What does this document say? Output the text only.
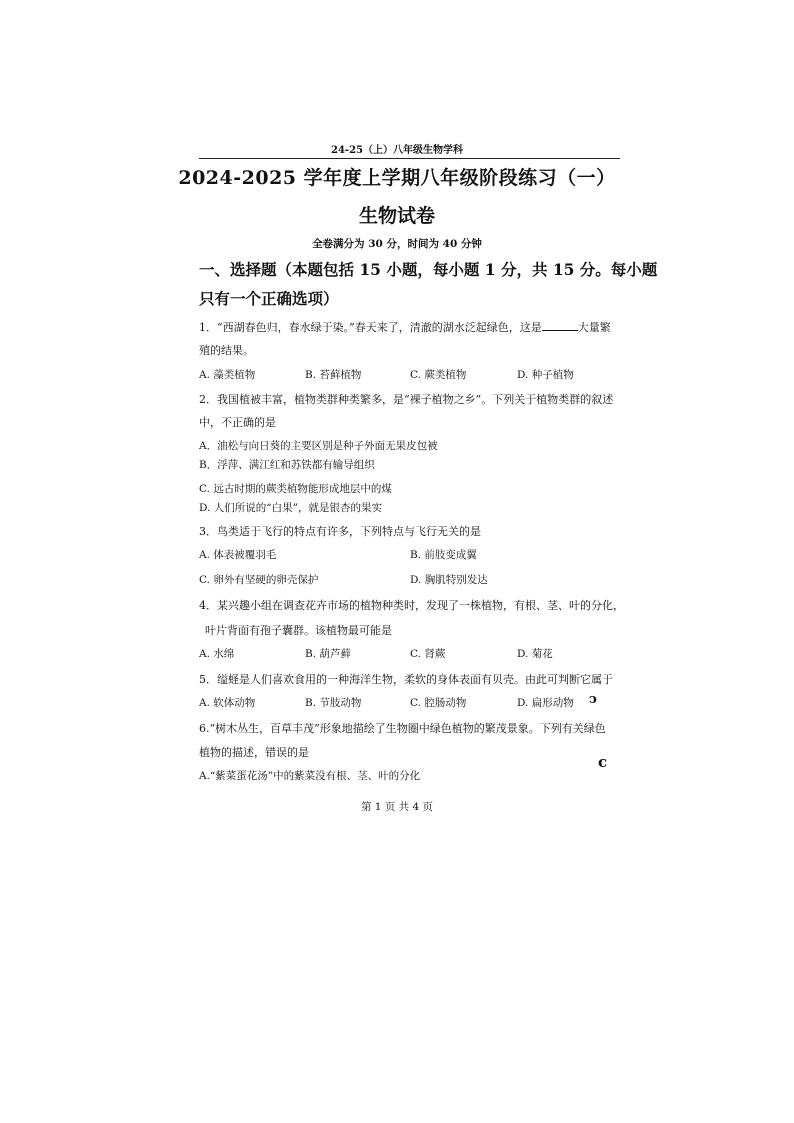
24-25（上）八年级生物学科
2024-2025 学年度上学期八年级阶段练习（一）
生物试卷
全卷满分为 30 分，时间为 40 分钟
一、选择题（本题包括 15 小题，每小题 1 分，共 15 分。每小题
只有一个正确选项）
1．“西湖春色归，春水绿于染。”春天来了，清澈的湖水泛起绿色，这是	大量繁
殖的结果。
A. 藻类植物	B. 苔藓植物	C. 蕨类植物	D. 种子植物
2．我国植被丰富，植物类群种类繁多，是“裸子植物之乡”。下列关于植物类群的叙述
中，不正确的是
A．油松与向日葵的主要区别是种子外面无果皮包被
B．浮萍、满江红和苏铁都有输导组织
C. 远古时期的蕨类植物能形成地层中的煤
D. 人们所说的“白果”，就是银杏的果实
3．鸟类适于飞行的特点有许多，下列特点与飞行无关的是
A. 体表被覆羽毛	B. 前肢变成翼
C. 卵外有坚硬的卵壳保护	D. 胸肌特别发达
4．某兴趣小组在调查花卉市场的植物种类时，发现了一株植物，有根、茎、叶的分化，
叶片背面有孢子囊群。该植物最可能是
A. 水绵	B. 葫芦藓	C. 肾蕨	D. 菊花
5．缢蛏是人们喜欢食用的一种海洋生物，柔软的身体表面有贝壳。由此可判断它属于
A. 软体动物	B. 节肢动物	C. 腔肠动物	D. 扁形动物 ↄ
6.“树木丛生，百草丰茂”形象地描绘了生物圈中绿色植物的繁茂景象。下列有关绿色
植物的描述，错误的是
c
A.“紫菜蛋花汤”中的紫菜没有根、茎、叶的分化
第 1 页 共 4 页
